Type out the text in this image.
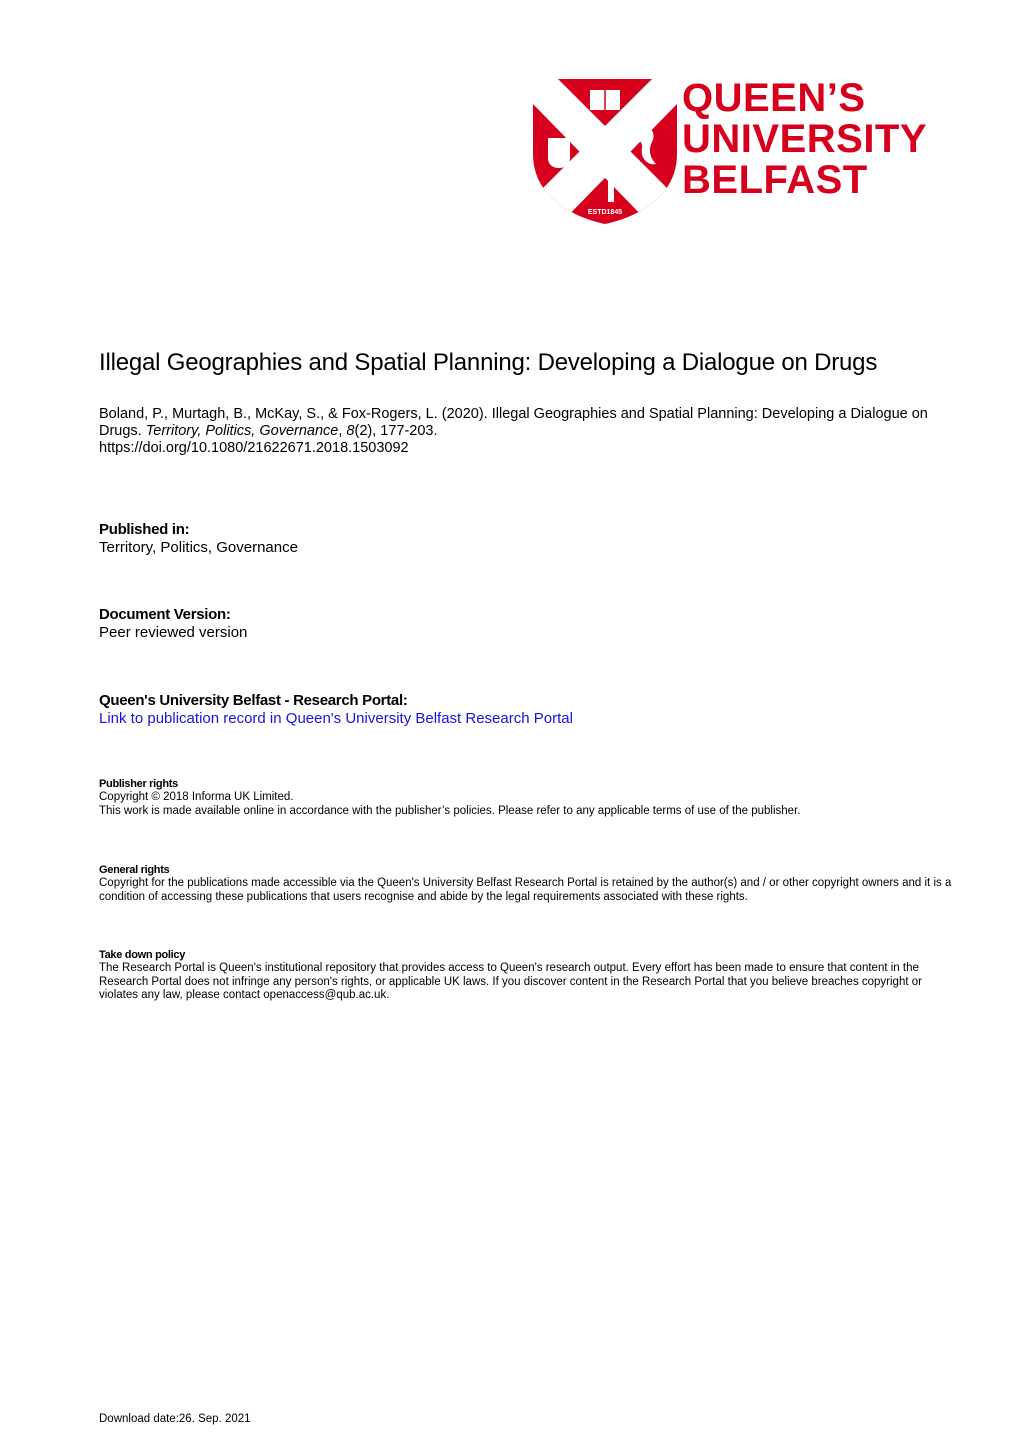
ESTD1845
QUEEN’S
UNIVERSITY
BELFAST
Illegal Geographies and Spatial Planning: Developing a Dialogue on Drugs
Boland, P., Murtagh, B., McKay, S., & Fox-Rogers, L. (2020). Illegal Geographies and Spatial Planning: Developing a Dialogue on Drugs. Territory, Politics, Governance, 8(2), 177-203.
https://doi.org/10.1080/21622671.2018.1503092
Published in:
Territory, Politics, Governance
Document Version:
Peer reviewed version
Queen's University Belfast - Research Portal:
Link to publication record in Queen's University Belfast Research Portal
Publisher rights
Copyright © 2018 Informa UK Limited.
This work is made available online in accordance with the publisher’s policies. Please refer to any applicable terms of use of the publisher.
General rights
Copyright for the publications made accessible via the Queen's University Belfast Research Portal is retained by the author(s) and / or other copyright owners and it is a condition of accessing these publications that users recognise and abide by the legal requirements associated with these rights.
Take down policy
The Research Portal is Queen's institutional repository that provides access to Queen's research output. Every effort has been made to ensure that content in the Research Portal does not infringe any person's rights, or applicable UK laws. If you discover content in the Research Portal that you believe breaches copyright or violates any law, please contact openaccess@qub.ac.uk.
Download date:26. Sep. 2021
